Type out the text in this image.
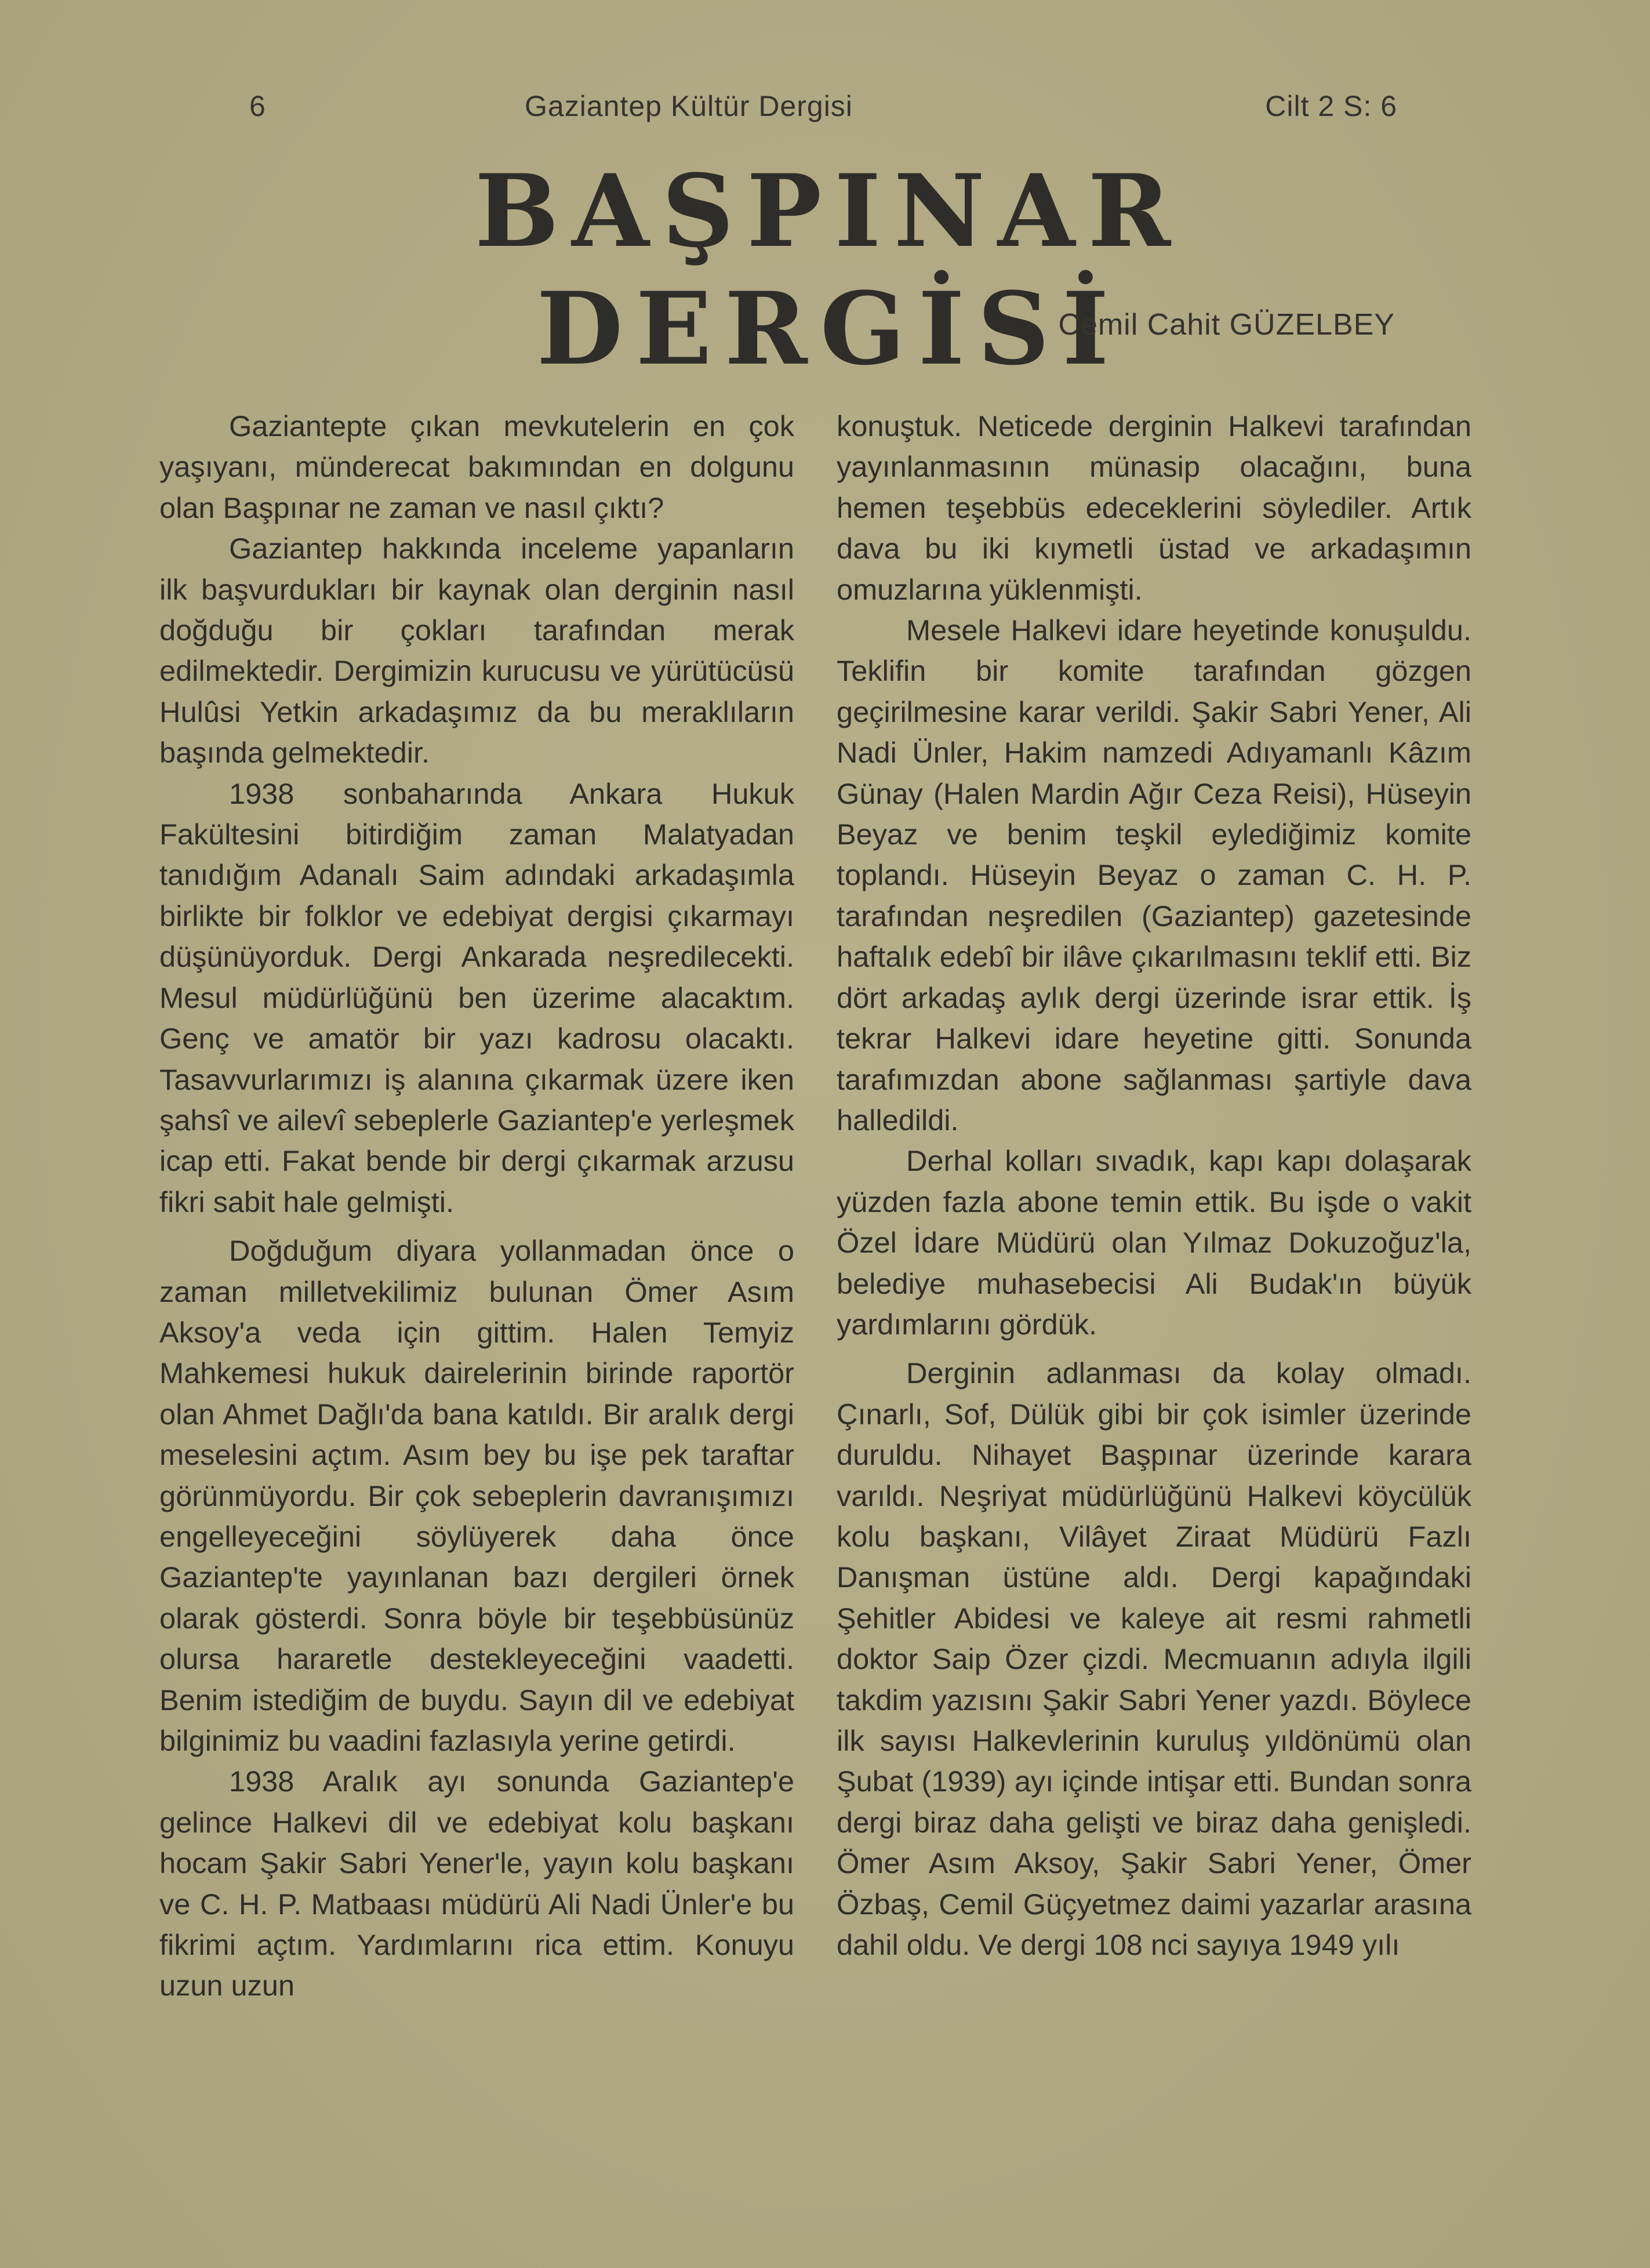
6	Gaziantep Kültür Dergisi	Cilt 2 S: 6
BAŞPINAR DERGİSİ
Cemil Cahit GÜZELBEY

Gaziantepte çıkan mevkutelerin en çok yaşıyanı, münderecat bakımından en dolgunu olan Başpınar ne zaman ve nasıl çıktı?

Gaziantep hakkında inceleme yapanların ilk başvurdukları bir kaynak olan derginin nasıl doğduğu bir çokları tarafından merak edilmektedir. Dergimizin kurucusu ve yürütücüsü Hulûsi Yetkin arkadaşımız da bu meraklıların başında gelmektedir.

1938 sonbaharında Ankara Hukuk Fakültesini bitirdiğim zaman Malatyadan tanıdığım Adanalı Saim adındaki arkadaşımla birlikte bir folklor ve edebiyat dergisi çıkarmayı düşünüyorduk. Dergi Ankarada neşredilecekti. Mesul müdürlüğünü ben üzerime alacaktım. Genç ve amatör bir yazı kadrosu olacaktı. Tasavvurlarımızı iş alanına çıkarmak üzere iken şahsî ve ailevî sebeplerle Gaziantep'e yerleşmek icap etti. Fakat bende bir dergi çıkarmak arzusu fikri sabit hale gelmişti.

Doğduğum diyara yollanmadan önce o zaman milletvekilimiz bulunan Ömer Asım Aksoy'a veda için gittim. Halen Temyiz Mahkemesi hukuk dairelerinin birinde raportör olan Ahmet Dağlı'da bana katıldı. Bir aralık dergi meselesini açtım. Asım bey bu işe pek taraftar görünmüyordu. Bir çok sebeplerin davranışımızı engelleyeceğini söylüyerek daha önce Gaziantep'te yayınlanan bazı dergileri örnek olarak gösterdi. Sonra böyle bir teşebbüsünüz olursa hararetle destekleyeceğini vaadetti. Benim istediğim de buydu. Sayın dil ve edebiyat bilginimiz bu vaadini fazlasıyla yerine getirdi.

1938 Aralık ayı sonunda Gaziantep'e gelince Halkevi dil ve edebiyat kolu başkanı hocam Şakir Sabri Yener'le, yayın kolu başkanı ve C. H. P. Matbaası müdürü Ali Nadi Ünler'e bu fikrimi açtım. Yardımlarını rica ettim. Konuyu uzun uzun

konuştuk. Neticede derginin Halkevi tarafından yayınlanmasının münasip olacağını, buna hemen teşebbüs edeceklerini söylediler. Artık dava bu iki kıymetli üstad ve arkadaşımın omuzlarına yüklenmişti.

Mesele Halkevi idare heyetinde konuşuldu. Teklifin bir komite tarafından gözgen geçirilmesine karar verildi. Şakir Sabri Yener, Ali Nadi Ünler, Hakim namzedi Adıyamanlı Kâzım Günay (Halen Mardin Ağır Ceza Reisi), Hüseyin Beyaz ve benim teşkil eylediğimiz komite toplandı. Hüseyin Beyaz o zaman C. H. P. tarafından neşredilen (Gaziantep) gazetesinde haftalık edebî bir ilâve çıkarılmasını teklif etti. Biz dört arkadaş aylık dergi üzerinde israr ettik. İş tekrar Halkevi idare heyetine gitti. Sonunda tarafımızdan abone sağlanması şartiyle dava halledildi.

Derhal kolları sıvadık, kapı kapı dolaşarak yüzden fazla abone temin ettik. Bu işde o vakit Özel İdare Müdürü olan Yılmaz Dokuzoğuz'la, belediye muhasebecisi Ali Budak'ın büyük yardımlarını gördük.

Derginin adlanması da kolay olmadı. Çınarlı, Sof, Dülük gibi bir çok isimler üzerinde duruldu. Nihayet Başpınar üzerinde karara varıldı. Neşriyat müdürlüğünü Halkevi köycülük kolu başkanı, Vilâyet Ziraat Müdürü Fazlı Danışman üstüne aldı. Dergi kapağındaki Şehitler Abidesi ve kaleye ait resmi rahmetli doktor Saip Özer çizdi. Mecmuanın adıyla ilgili takdim yazısını Şakir Sabri Yener yazdı. Böylece ilk sayısı Halkevlerinin kuruluş yıldönümü olan Şubat (1939) ayı içinde intişar etti. Bundan sonra dergi biraz daha gelişti ve biraz daha genişledi. Ömer Asım Aksoy, Şakir Sabri Yener, Ömer Özbaş, Cemil Güçyetmez daimi yazarlar arasına dahil oldu. Ve dergi 108 nci sayıya 1949 yılı
